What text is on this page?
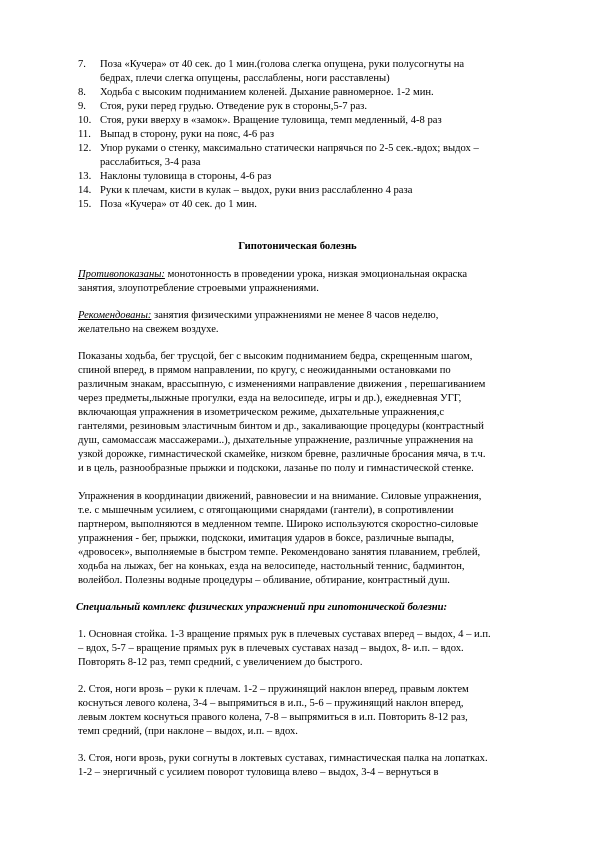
7. Поза «Кучера» от 40 сек. до 1 мин.(голова слегка опущена, руки полусогнуты на
бедрах, плечи слегка опущены, расслаблены, ноги расставлены)
8. Ходьба с высоким подниманием коленей. Дыхание равномерное. 1-2 мин.
9. Стоя, руки перед грудью. Отведение рук в стороны,5-7 раз.
10. Стоя, руки вверху в «замок». Вращение туловища, темп медленный, 4-8 раз
11. Выпад в сторону, руки на пояс, 4-6 раз
12. Упор руками о стенку, максимально статически напрячься по 2-5 сек.-вдох; выдох –
расслабиться, 3-4 раза
13. Наклоны туловища в стороны, 4-6 раз
14. Руки к плечам, кисти в кулак – выдох, руки вниз расслабленно 4 раза
15. Поза «Кучера» от 40 сек. до 1 мин.
Гипотоническая болезнь
Противопоказаны: монотонность в проведении урока, низкая эмоциональная окраска
занятия, злоупотребление строевыми упражнениями.
Рекомендованы: занятия физическими упражнениями не менее 8 часов неделю,
желательно на свежем воздухе.
Показаны ходьба, бег трусцой, бег с высоким подниманием бедра, скрещенным шагом,
спиной вперед, в прямом направлении, по кругу, с неожиданными остановками по
различным знакам, врассыпную, с изменениями направление движения , перешагиванием
через предметы,лыжные прогулки, езда на велосипеде, игры и др.), ежедневная УГГ,
включающая упражнения в изометрическом режиме, дыхательные упражнения,с
гантелями, резиновым эластичным бинтом и др., закаливающие процедуры (контрастный
душ, самомассаж массажерами..), дыхательные упражнение, различные упражнения на
узкой дорожке, гимнастической скамейке, низком бревне, различные бросания мяча, в т.ч.
и в цель, разнообразные прыжки и подскоки, лазанье по полу и гимнастической стенке.
Упражнения в координации движений, равновесии и на внимание. Силовые упражнения,
т.е. с мышечным усилием, с отягощающими снарядами (гантели), в сопротивлении
партнером, выполняются в медленном темпе. Широко используются скоростно-силовые
упражнения - бег, прыжки, подскоки, имитация ударов в боксе, различные выпады,
«дровосек», выполняемые в быстром темпе. Рекомендовано занятия плаванием, греблей,
ходьба на лыжах, бег на коньках, езда на велосипеде, настольный теннис, бадминтон,
волейбол. Полезны водные процедуры – обливание, обтирание, контрастный душ.
Специальный комплекс физических упражнений при гипотонической болезни:
1. Основная стойка. 1-3 вращение прямых рук в плечевых суставах вперед – выдох, 4 – и.п.
– вдох, 5-7 – вращение прямых рук в плечевых суставах назад – выдох, 8- и.п. – вдох.
Повторять 8-12 раз, темп средний, с увеличением до быстрого.
2. Стоя, ноги врозь – руки к плечам. 1-2 – пружинящий наклон вперед, правым локтем
коснуться левого колена, 3-4 – выпрямиться в и.п., 5-6 – пружинящий наклон вперед,
левым локтем коснуться правого колена, 7-8 – выпрямиться в и.п. Повторить 8-12 раз,
темп средний, (при наклоне – выдох, и.п. – вдох.
3. Стоя, ноги врозь, руки согнуты в локтевых суставах, гимнастическая палка на лопатках.
1-2 – энергичный с усилием поворот туловища влево – выдох, 3-4 – вернуться в
